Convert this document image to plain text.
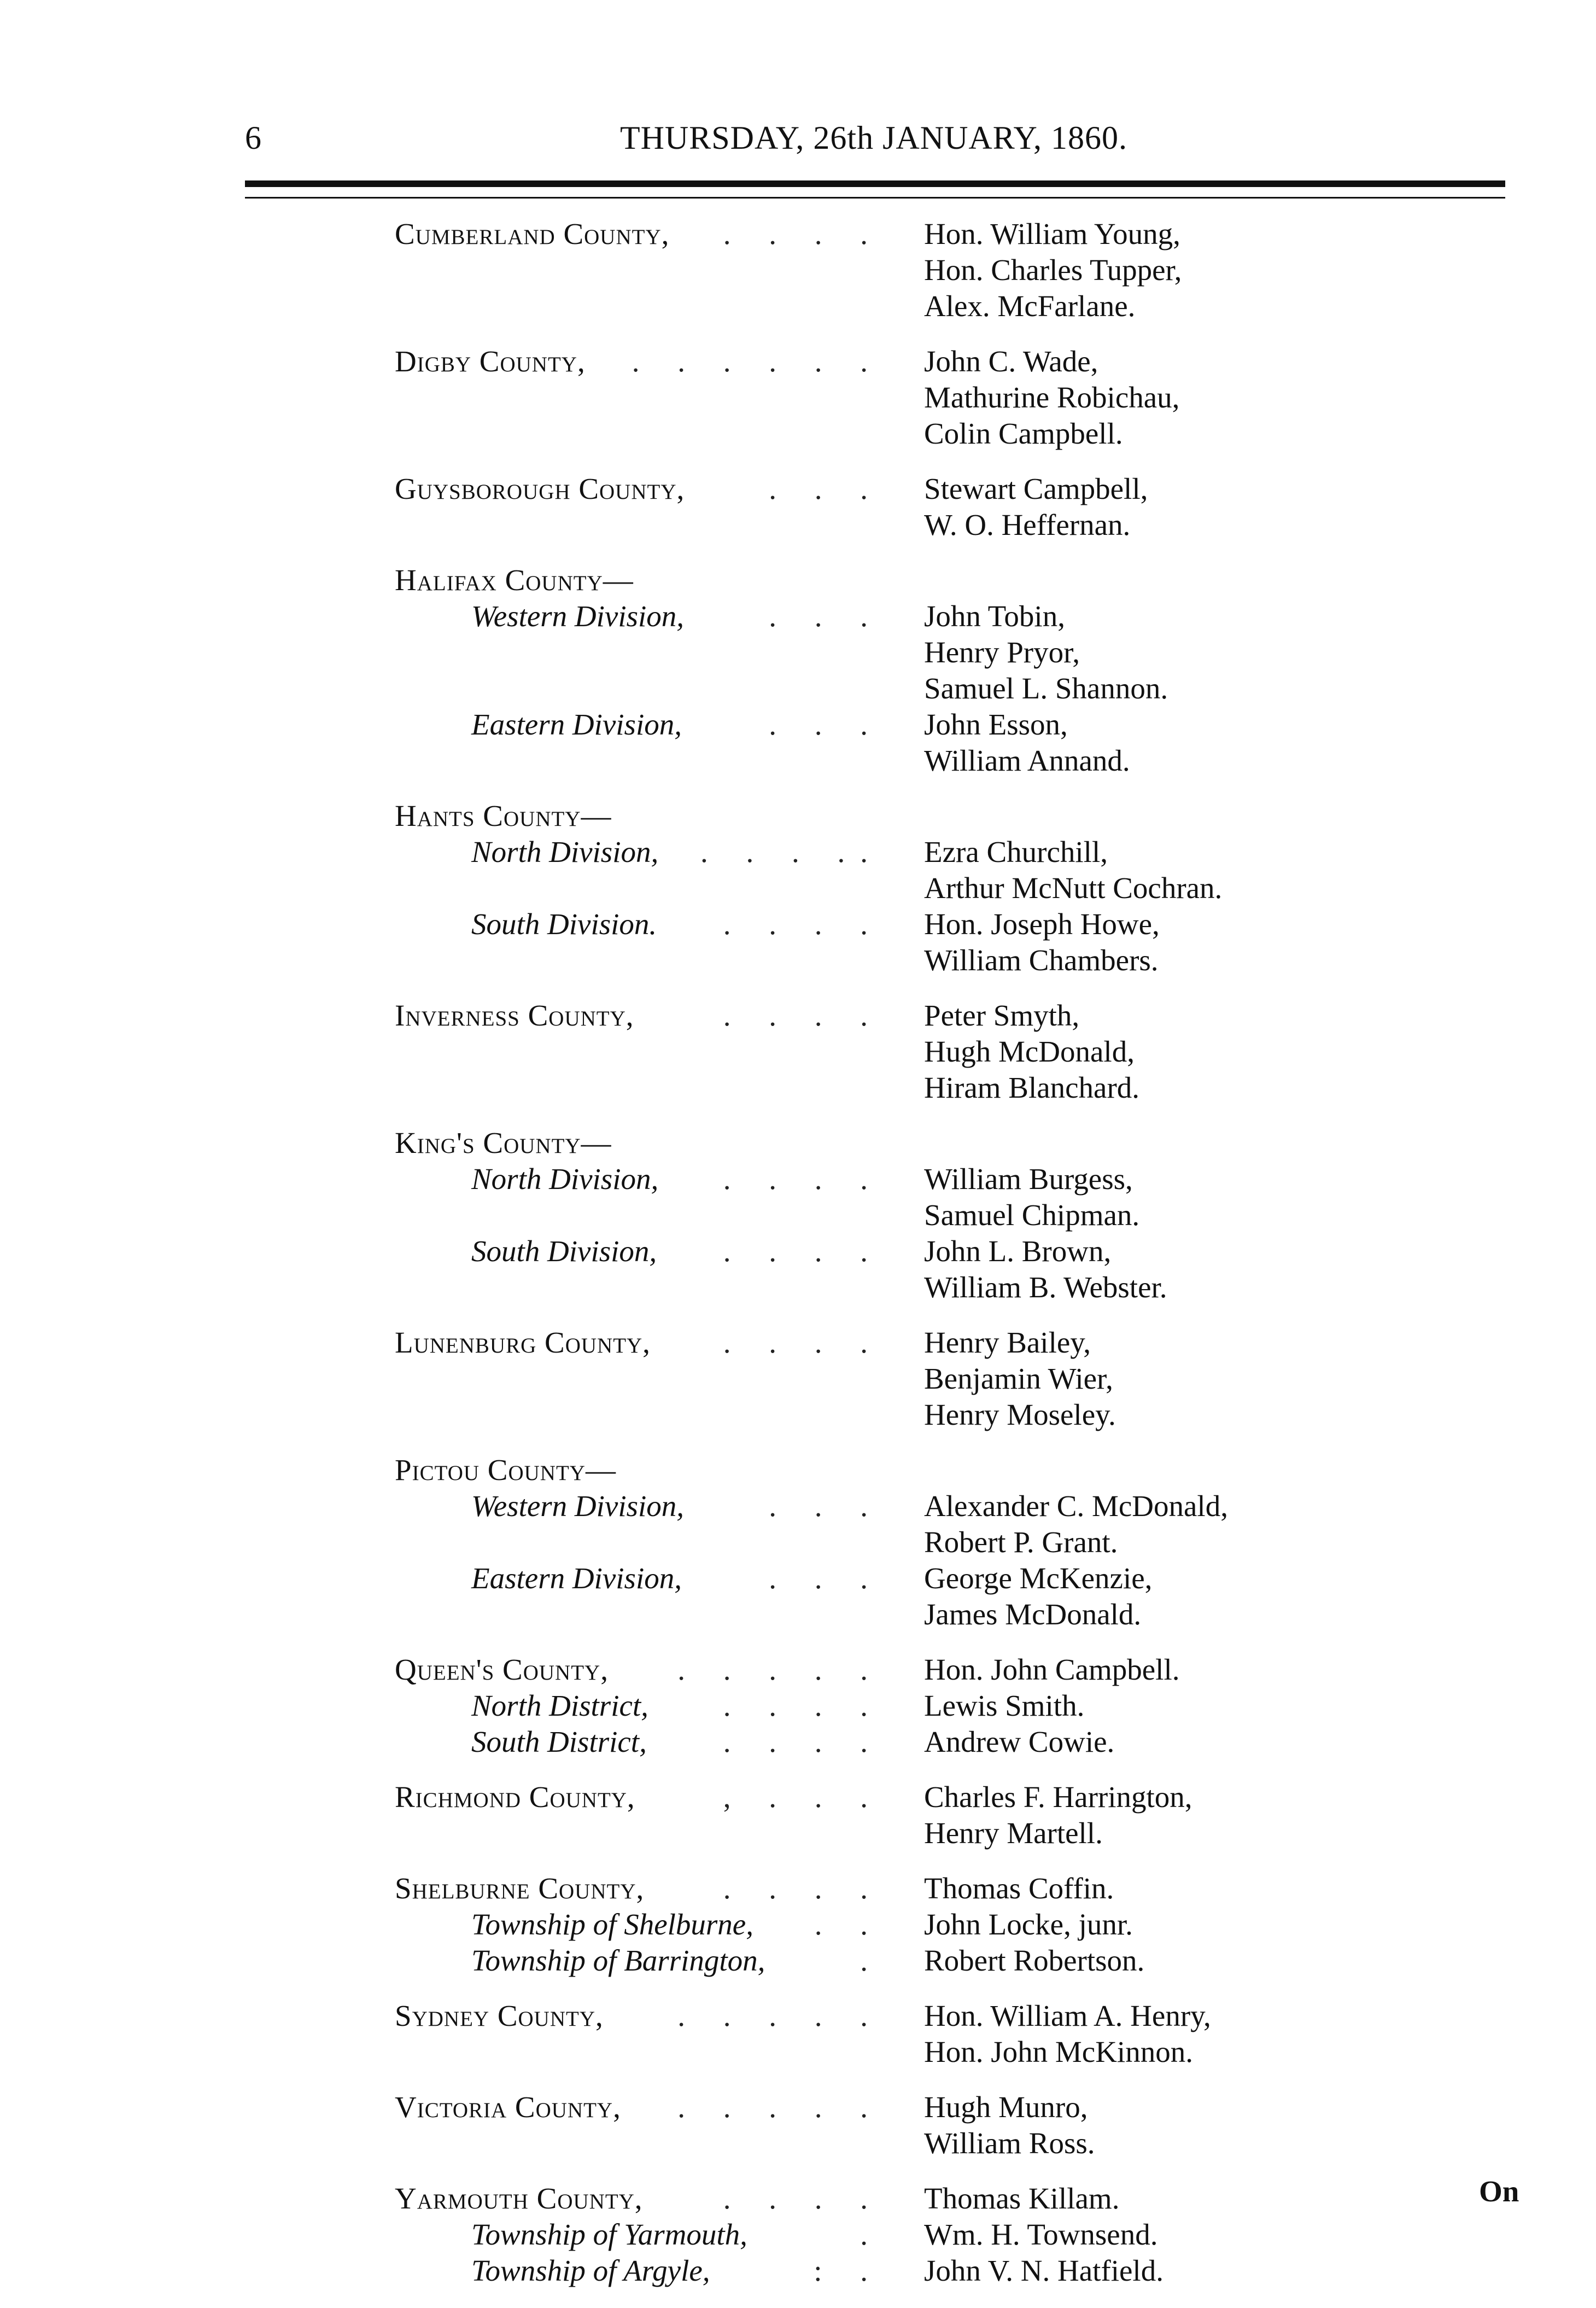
6	THURSDAY, 26th JANUARY, 1860.
Cumberland County, . . . . Hon. William Young,
Hon. Charles Tupper,
Alex. McFarlane.
Digby County, . . . . . . John C. Wade,
Mathurine Robichau,
Colin Campbell.
Guysborough County,	. . . Stewart Campbell,
W. O. Heffernan.
Halifax County—
Western Division,	. . . John Tobin,
Henry Pryor,
Samuel L. Shannon.
Eastern Division,	. . . John Esson,
William Annand.
Hants County—
North Division, . . . .. Ezra Churchill,
Arthur McNutt Cochran.
South Division. . . . . Hon. Joseph Howe,
William Chambers.
Inverness County,	. . . . Peter Smyth,
Hugh McDonald,
Hiram Blanchard.
King's County—
North Division, . . . . William Burgess,
Samuel Chipman.
South Division, . . . . John L. Brown,
William B. Webster.
Lunenburg County, . . . . Henry Bailey,
Benjamin Wier,
Henry Moseley.
Pictou County—
Western Division,	. . . Alexander C. McDonald,
Robert P. Grant.
Eastern Division,	. . . George McKenzie,
James McDonald.
Queen's County, . . . . . Hon. John Campbell.
North District, . . . . Lewis Smith.
South District,	. . . . Andrew Cowie.
Richmond County,	, . . . Charles F. Harrington,
Henry Martell.
Shelburne County,	. . . . Thomas Coffin.
Township of Shelburne, . . John Locke, junr.
Township of Barrington,	. Robert Robertson.
Sydney County, . . . . . Hon. William A. Henry,
Hon. John McKinnon.
Victoria County, . . . . . Hugh Munro,
William Ross.
Yarmouth County,	. . . . Thomas Killam.
Township of Yarmouth,	. Wm. H. Townsend.
Township of Argyle,	: . John V. N. Hatfield.
On
